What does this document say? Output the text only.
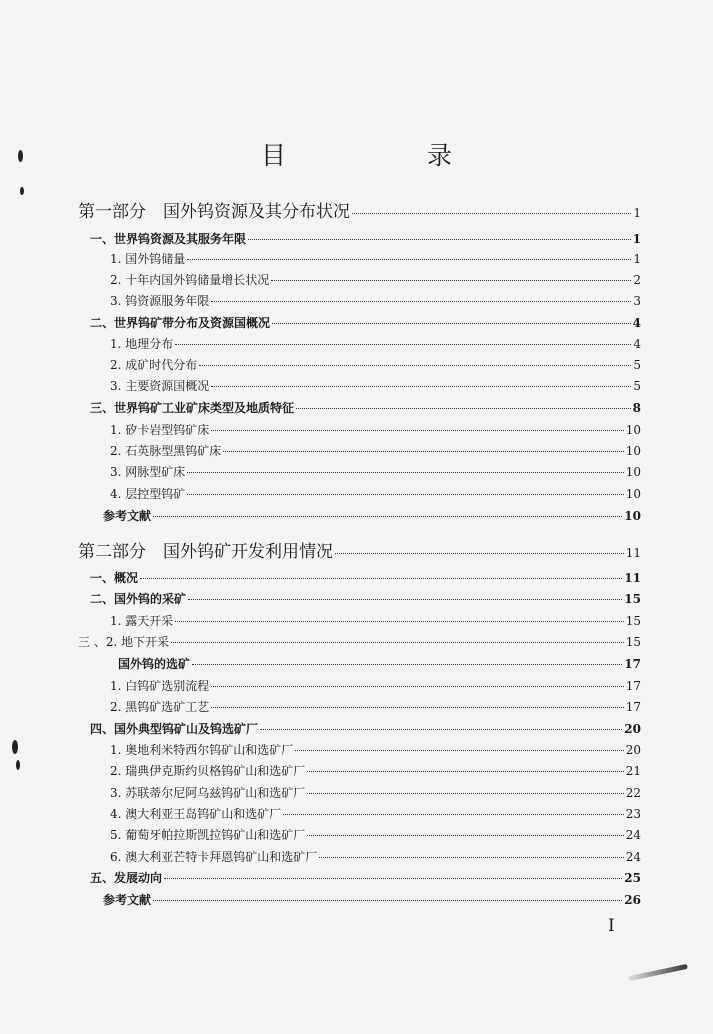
目　录
第一部分　国外钨资源及其分布状况	1
一、世界钨资源及其服务年限	1
1. 国外钨储量	1
2. 十年内国外钨储量增长状况	2
3. 钨资源服务年限	3
二、世界钨矿带分布及资源国概况	4
1. 地理分布	4
2. 成矿时代分布	5
3. 主要资源国概况	5
三、世界钨矿工业矿床类型及地质特征	8
1. 矽卡岩型钨矿床	10
2. 石英脉型黑钨矿床	10
3. 网脉型矿床	10
4. 层控型钨矿	10
参考文献	10
第二部分　国外钨矿开发利用情况	11
一、概况	11
二、国外钨的采矿	15
1. 露天开采	15
三 、2. 地下开采	15
国外钨的选矿	17
1. 白钨矿选别流程	17
2. 黑钨矿选矿工艺	17
四、国外典型钨矿山及钨选矿厂	20
1. 奥地利米特西尔钨矿山和选矿厂	20
2. 瑞典伊克斯约贝格钨矿山和选矿厂	21
3. 苏联蒂尔尼阿乌兹钨矿山和选矿厂	22
4. 澳大利亚王岛钨矿山和选矿厂	23
5. 葡萄牙帕拉斯凯拉钨矿山和选矿厂	24
6. 澳大利亚芒特卡拜恩钨矿山和选矿厂	24
五、发展动向	25
参考文献	26
I
